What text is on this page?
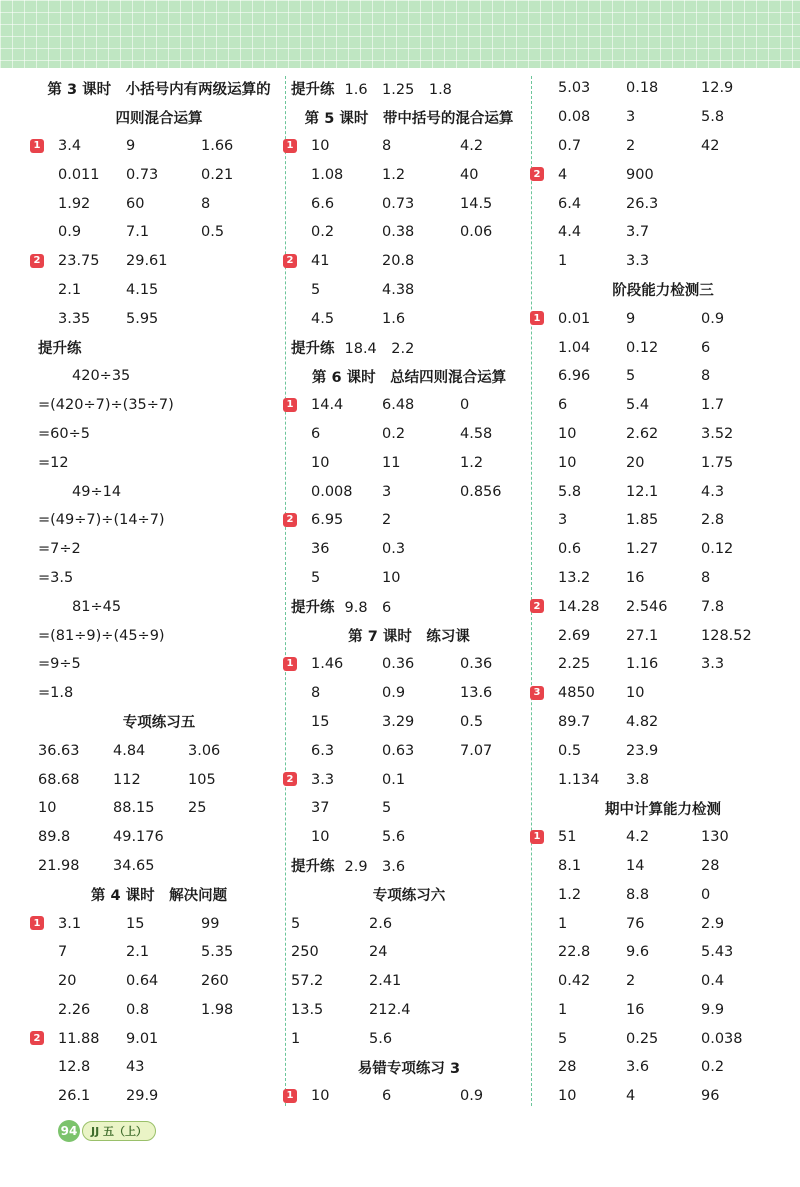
第 3 课时　小括号内有两级运算的
四则混合运算
1 3.4	9	1.66
0.011	0.73	0.21
1.92	60	8
0.9	7.1	0.5
2 23.75	29.61
2.1	4.15
3.35	5.95
提升练
420÷35
=(420÷7)÷(35÷7)
=60÷5
=12
49÷14
=(49÷7)÷(14÷7)
=7÷2
=3.5
81÷45
=(81÷9)÷(45÷9)
=9÷5
=1.8
专项练习五
36.63	4.84	3.06
68.68	112	105
10	88.15	25
89.8	49.176
21.98	34.65
第 4 课时　解决问题
1 3.1	15	99
7	2.1	5.35
20	0.64	260
2.26	0.8	1.98
2 11.88	9.01
12.8	43
26.1	29.9
提升练 1.6　1.25　1.8
第 5 课时　带中括号的混合运算
1 10	8	4.2
1.08	1.2	40
6.6	0.73	14.5
0.2	0.38	0.06
2 41	20.8
5	4.38
4.5	1.6
提升练 18.4　2.2
第 6 课时　总结四则混合运算
1 14.4	6.48	0
6	0.2	4.58
10	11	1.2
0.008	3	0.856
2 6.95	2
36	0.3
5	10
提升练 9.8　6
第 7 课时　练习课
1 1.46	0.36	0.36
8	0.9	13.6
15	3.29	0.5
6.3	0.63	7.07
2 3.3	0.1
37	5
10	5.6
提升练 2.9　3.6
专项练习六
5	2.6
250	24
57.2	2.41
13.5	212.4
1	5.6
易错专项练习 3
1 10	6	0.9
5.03	0.18	12.9
0.08	3	5.8
0.7	2	42
2 4	900
6.4	26.3
4.4	3.7
1	3.3
阶段能力检测三
1 0.01	9	0.9
1.04	0.12	6
6.96	5	8
6	5.4	1.7
10	2.62	3.52
10	20	1.75
5.8	12.1	4.3
3	1.85	2.8
0.6	1.27	0.12
13.2	16	8
2 14.28	2.546	7.8
2.69	27.1	128.52
2.25	1.16	3.3
3 4850	10
89.7	4.82
0.5	23.9
1.134	3.8
期中计算能力检测
1 51	4.2	130
8.1	14	28
1.2	8.8	0
1	76	2.9
22.8	9.6	5.43
0.42	2	0.4
1	16	9.9
5	0.25	0.038
28	3.6	0.2
10	4	96
94	JJ 五（上）
